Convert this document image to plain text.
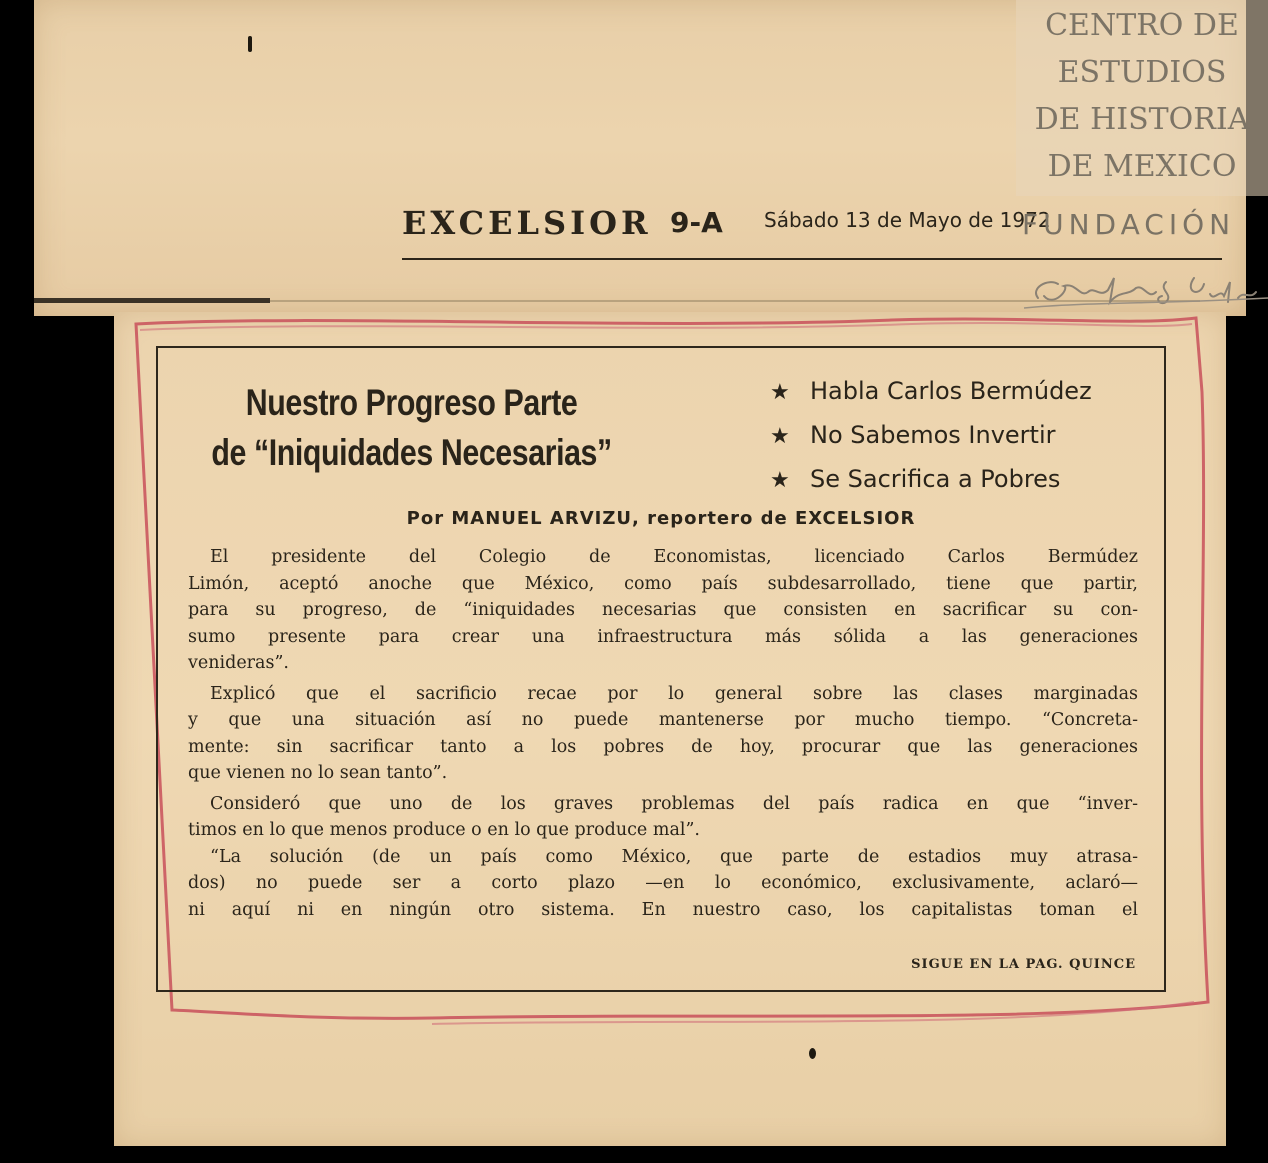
EXCELSIOR 9-A Sábado 13 de Mayo de 1972
CENTRO DE
ESTUDIOS
DE HISTORIA
DE MEXICO
FUNDACIÓN
Nuestro Progreso Parte
de “Iniquidades Necesarias”
★ Habla Carlos Bermúdez
★ No Sabemos Invertir
★ Se Sacrifica a Pobres
Por MANUEL ARVIZU, reportero de EXCELSIOR

El presidente del Colegio de Economistas, licenciado Carlos Bermúdez
Limón, aceptó anoche que México, como país subdesarrollado, tiene que partir,
para su progreso, de “iniquidades necesarias que consisten en sacrificar su con-
sumo presente para crear una infraestructura más sólida a las generaciones
venideras”.

Explicó que el sacrificio recae por lo general sobre las clases marginadas
y que una situación así no puede mantenerse por mucho tiempo. “Concreta-
mente: sin sacrificar tanto a los pobres de hoy, procurar que las generaciones
que vienen no lo sean tanto”.

Consideró que uno de los graves problemas del país radica en que “inver-
timos en lo que menos produce o en lo que produce mal”.

“La solución (de un país como México, que parte de estadios muy atrasa-
dos) no puede ser a corto plazo —en lo económico, exclusivamente, aclaró—
ni aquí ni en ningún otro sistema. En nuestro caso, los capitalistas toman el

SIGUE EN LA PAG. QUINCE
